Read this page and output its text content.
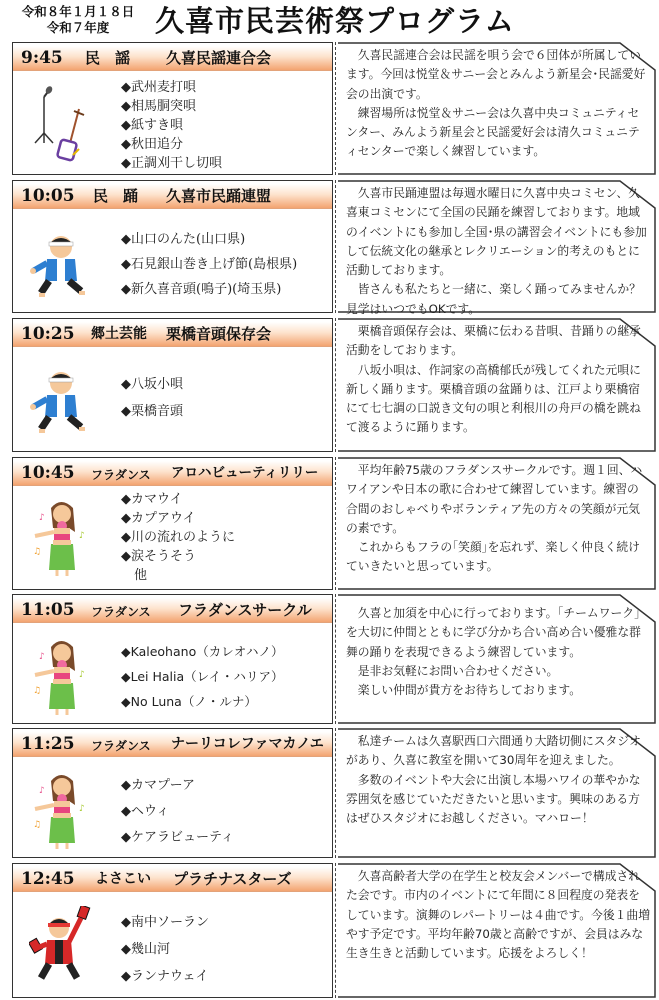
令和８年１月１８日
令和７年度	久喜市民芸術祭プログラム
9:45 民　謡 久喜民謡連合会
◆武州麦打唄
◆相馬胴突唄
◆紙すき唄
◆秋田追分
◆正調刈干し切唄

久喜民謡連合会は民謡を唄う会で６団体が所属しています。今回は悦堂＆サニー会とみんよう新星会･民謡愛好会の出演です。

練習場所は悦堂＆サニー会は久喜中央コミュニティセンター、みんよう新星会と民謡愛好会は清久コミュニティセンターで楽しく練習しています。

10:05 民　踊 久喜市民踊連盟
◆山口のんた(山口県)
◆石見銀山巻き上げ節(島根県)
◆新久喜音頭(鳴子)(埼玉県)

久喜市民踊連盟は毎週水曜日に久喜中央コミセン、久喜東コミセンにて全国の民踊を練習しております。地域のイベントにも参加し全国･県の講習会イベントにも参加して伝統文化の継承とレクリエーション的考えのもとに活動しております。

皆さんも私たちと一緒に、楽しく踊ってみませんか？見学はいつでもOKです。

10:25 郷土芸能 栗橋音頭保存会
◆八坂小唄
◆栗橋音頭

栗橋音頭保存会は、栗橋に伝わる昔唄、昔踊りの継承活動をしております。

八坂小唄は、作詞家の高橋郁氏が残してくれた元唄に新しく踊ります。栗橋音頭の盆踊りは、江戸より栗橋宿にて七七調の口説き文句の唄と利根川の舟戸の橋を跳ねて渡るように踊ります。

10:45 フラダンス アロハビューティリリー
♪
♪
♫
◆カマウイ
◆カプアウイ
◆川の流れのように
◆涙そうそう
　他

平均年齢75歳のフラダンスサークルです。週１回、ハワイアンや日本の歌に合わせて練習しています。練習の合間のおしゃべりやボランティア先の方々の笑顔が元気の素です。

これからもフラの｢笑顔｣を忘れず、楽しく仲良く続けていきたいと思っています。

11:05 フラダンス フラダンスサークル
♪
♪
♫
◆Kaleohano（カレオハノ）
◆Lei Halia（レイ・ハリア）
◆No Luna（ノ・ルナ）

久喜と加須を中心に行っております。｢チームワーク｣を大切に仲間とともに学び分かち合い高め合い優雅な群舞の踊りを表現できるよう練習しています。

是非お気軽にお問い合わせください。

楽しい仲間が貴方をお待ちしております。

11:25 フラダンス ナーリコレファマカノエ
♪
♪
♫
◆カマプーア
◆ヘウィ
◆ケアラビューティ

私達チームは久喜駅西口六間通り大踏切側にスタジオがあり、久喜に教室を開いて30周年を迎えました。

多数のイベントや大会に出演し本場ハワイの華やかな雰囲気を感じていただきたいと思います。興味のある方はぜひスタジオにお越しください。マハロー！

12:45 よさこい プラチナスターズ
◆南中ソーラン
◆幾山河
◆ランナウェイ

久喜高齢者大学の在学生と校友会メンバーで構成された会です。市内のイベントにて年間に８回程度の発表をしています。演舞のレパートリーは４曲です。今後１曲増やす予定です。平均年齢70歳と高齢ですが、会員はみな生き生きと活動しています。応援をよろしく！
